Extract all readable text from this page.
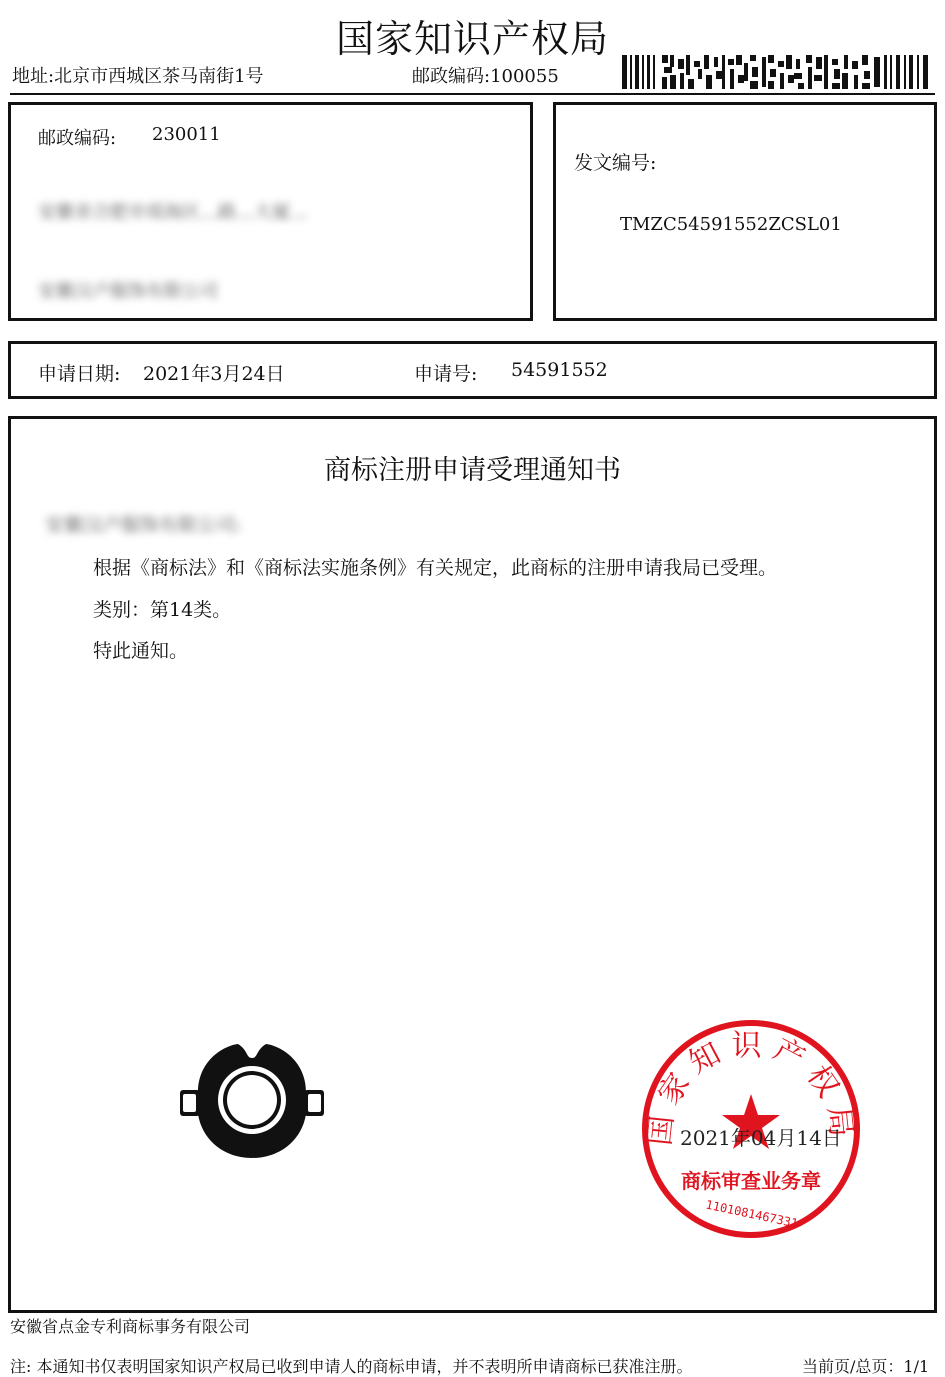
国家知识产权局
地址:北京市西城区茶马南街1号	邮政编码:100055
邮政编码: 230011
安徽省合肥市瑶海区…路…大厦…
安徽汉卢服饰有限公司
发文编号:
TMZC54591552ZCSL01
申请日期: 2021年3月24日	申请号: 54591552
商标注册申请受理通知书
安徽汉卢服饰有限公司:
根据《商标法》和《商标法实施条例》有关规定，此商标的注册申请我局已受理。
类别：第14类。
特此通知。
国家知识产权局
商标审查业务章
1101081467331
2021年04月14日
安徽省点金专利商标事务有限公司
注: 本通知书仅表明国家知识产权局已收到申请人的商标申请，并不表明所申请商标已获准注册。	当前页/总页：1/1
